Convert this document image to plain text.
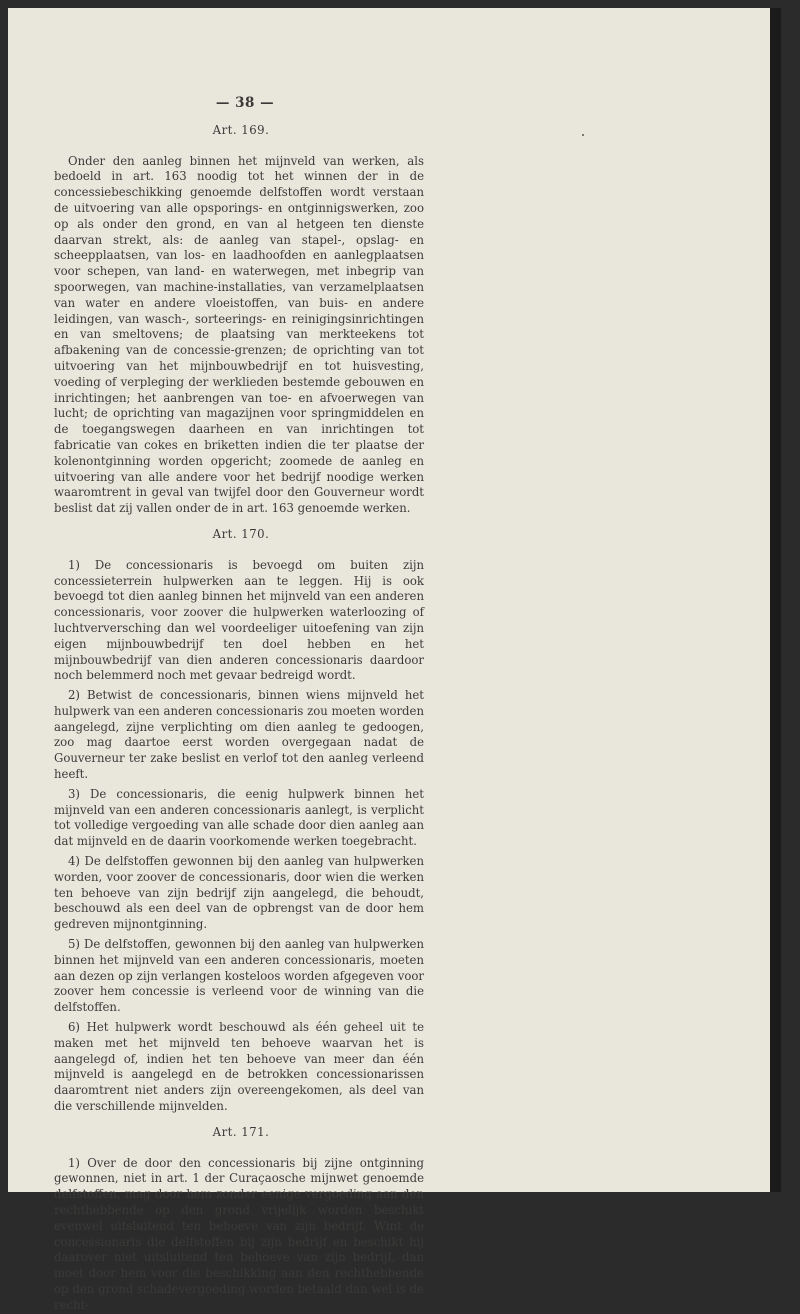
— 38 —
Art. 169.

Onder den aanleg binnen het mijnveld van werken, als bedoeld in art. 163 noodig tot het winnen der in de concessiebeschikking genoemde delfstoffen wordt verstaan de uitvoering van alle opsporings- en ontginnigswerken, zoo op als onder den grond, en van al hetgeen ten dienste daarvan strekt, als: de aanleg van stapel-, opslag- en scheepplaatsen, van los- en laadhoofden en aanlegplaatsen voor schepen, van land- en waterwegen, met inbegrip van spoorwegen, van machine-installaties, van verzamelplaatsen van water en andere vloeistoffen, van buis- en andere leidingen, van wasch-, sorteerings- en reinigingsinrichtingen en van smeltovens; de plaatsing van merkteekens tot afbakening van de concessie-grenzen; de oprichting van tot uitvoering van het mijnbouwbedrijf en tot huisvesting, voeding of verpleging der werklieden bestemde gebouwen en inrichtingen; het aanbrengen van toe- en afvoerwegen van lucht; de oprichting van magazijnen voor springmiddelen en de toegangswegen daarheen en van inrichtingen tot fabricatie van cokes en briketten indien die ter plaatse der kolenontginning worden opgericht; zoomede de aanleg en uitvoering van alle andere voor het bedrijf noodige werken waaromtrent in geval van twijfel door den Gouverneur wordt beslist dat zij vallen onder de in art. 163 genoemde werken.

Art. 170.

1) De concessionaris is bevoegd om buiten zijn concessieterrein hulpwerken aan te leggen. Hij is ook bevoegd tot dien aanleg binnen het mijnveld van een anderen concessionaris, voor zoover die hulpwerken waterloozing of luchtverversching dan wel voordeeliger uitoefening van zijn eigen mijnbouwbedrijf ten doel hebben en het mijnbouwbedrijf van dien anderen concessionaris daardoor noch belemmerd noch met gevaar bedreigd wordt.

2) Betwist de concessionaris, binnen wiens mijnveld het hulpwerk van een anderen concessionaris zou moeten worden aangelegd, zijne verplichting om dien aanleg te gedoogen, zoo mag daartoe eerst worden overgegaan nadat de Gouverneur ter zake beslist en verlof tot den aanleg verleend heeft.

3) De concessionaris, die eenig hulpwerk binnen het mijnveld van een anderen concessionaris aanlegt, is verplicht tot volledige vergoeding van alle schade door dien aanleg aan dat mijnveld en de daarin voorkomende werken toegebracht.

4) De delfstoffen gewonnen bij den aanleg van hulpwerken worden, voor zoover de concessionaris, door wien die werken ten behoeve van zijn bedrijf zijn aangelegd, die behoudt, beschouwd als een deel van de opbrengst van de door hem gedreven mijnontginning.

5) De delfstoffen, gewonnen bij den aanleg van hulpwerken binnen het mijnveld van een anderen concessionaris, moeten aan dezen op zijn verlangen kosteloos worden afgegeven voor zoover hem concessie is verleend voor de winning van die delfstoffen.

6) Het hulpwerk wordt beschouwd als één geheel uit te maken met het mijnveld ten behoeve waarvan het is aangelegd of, indien het ten behoeve van meer dan één mijnveld is aangelegd en de betrokken concessionarissen daaromtrent niet anders zijn overeengekomen, als deel van die verschillende mijnvelden.

Art. 171.

1) Over de door den concessionaris bij zijne ontginning gewonnen, niet in art. 1 der Curaçaosche mijnwet genoemde delfstoffen, mag door hem zonder eenige vergoeding aan den rechthebbende op den grond vrijelijk worden beschikt evenwel uitsluitend ten behoeve van zijn bedrijf. Wint de concessionaris die delfstoffen bij zijn bedrijf en beschikt hij daarover niet uitsluitend ten behoeve van zijn bedrijf, dan moet door hem voor die beschikking aan den rechthebbende op den grond schadevergoeding worden betaald dan wel is de recht-
